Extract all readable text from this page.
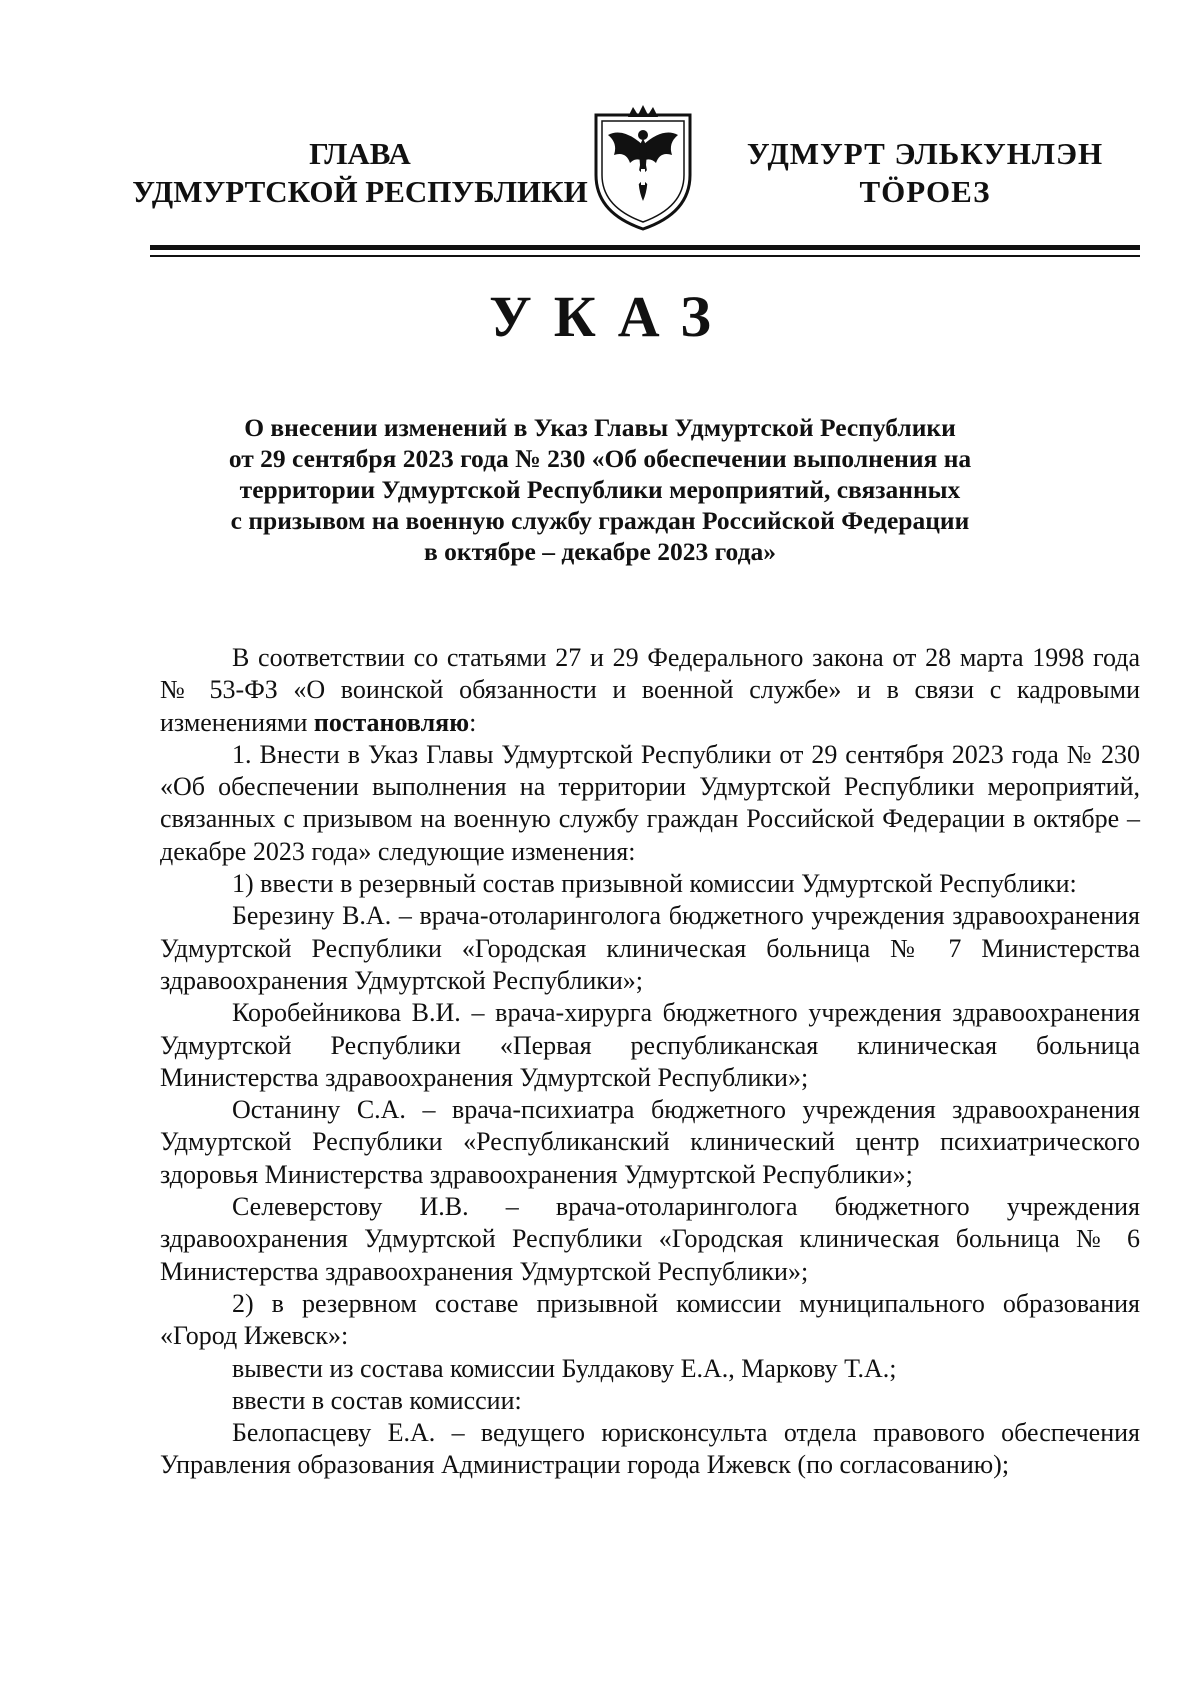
ГЛАВА
УДМУРТСКОЙ РЕСПУБЛИКИ
УДМУРТ ЭЛЬКУНЛЭН
ТӦРОЕЗ
УКАЗ
О внесении изменений в Указ Главы Удмуртской Республики
от 29 сентября 2023 года № 230 «Об обеспечении выполнения на
территории Удмуртской Республики мероприятий, связанных
с призывом на военную службу граждан Российской Федерации
в октябре – декабре 2023 года»

В соответствии со статьями 27 и 29 Федерального закона от 28 марта 1998 года № 53-ФЗ «О воинской обязанности и военной службе» и в связи с кадровыми изменениями постановляю:

1. Внести в Указ Главы Удмуртской Республики от 29 сентября 2023 года № 230 «Об обеспечении выполнения на территории Удмуртской Республики мероприятий, связанных с призывом на военную службу граждан Российской Федерации в октябре – декабре 2023 года» следующие изменения:

1) ввести в резервный состав призывной комиссии Удмуртской Республики:

Березину В.А. – врача-отоларинголога бюджетного учреждения здравоохранения Удмуртской Республики «Городская клиническая больница № 7 Министерства здравоохранения Удмуртской Республики»;

Коробейникова В.И. – врача-хирурга бюджетного учреждения здравоохранения Удмуртской Республики «Первая республиканская клиническая больница Министерства здравоохранения Удмуртской Республики»;

Останину С.А. – врача-психиатра бюджетного учреждения здравоохранения Удмуртской Республики «Республиканский клинический центр психиатрического здоровья Министерства здравоохранения Удмуртской Республики»;

Селеверстову И.В. – врача-отоларинголога бюджетного учреждения здравоохранения Удмуртской Республики «Городская клиническая больница № 6 Министерства здравоохранения Удмуртской Республики»;

2) в резервном составе призывной комиссии муниципального образования «Город Ижевск»:

вывести из состава комиссии Булдакову Е.А., Маркову Т.А.;

ввести в состав комиссии:

Белопасцеву Е.А. – ведущего юрисконсульта отдела правового обеспечения Управления образования Администрации города Ижевск (по согласованию);
